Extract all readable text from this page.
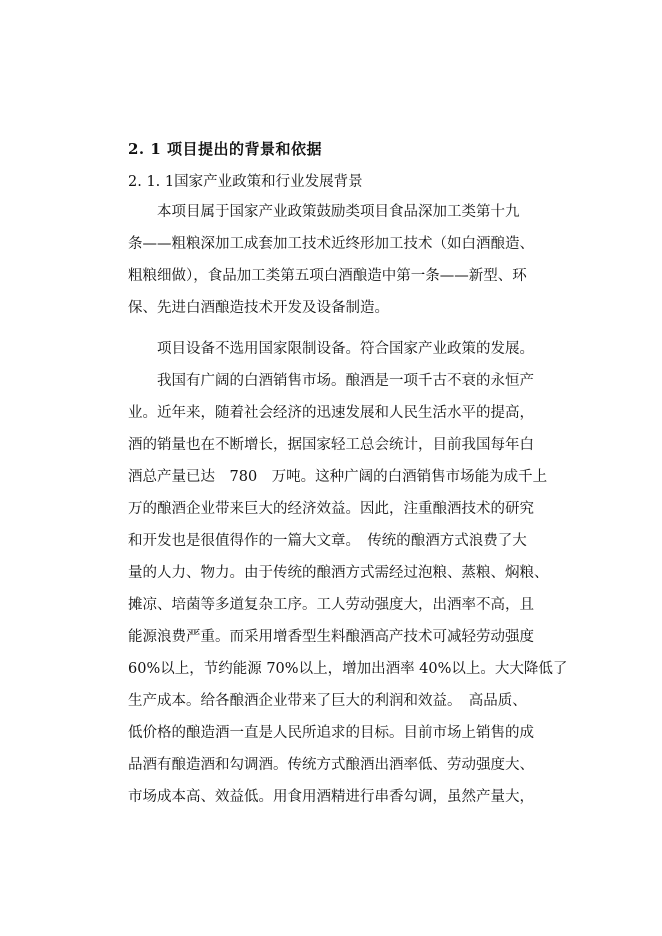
2. 1 项目提出的背景和依据
2. 1. 1国家产业政策和行业发展背景
　　本项目属于国家产业政策鼓励类项目食品深加工类第十九
条——粗粮深加工成套加工技术近终形加工技术（如白酒酿造、
粗粮细做），食品加工类第五项白酒酿造中第一条——新型、环
保、先进白酒酿造技术开发及设备制造。
　　项目设备不选用国家限制设备。符合国家产业政策的发展。
　　我国有广阔的白酒销售市场。酿酒是一项千古不衰的永恒产
业。近年来，随着社会经济的迅速发展和人民生活水平的提高，
酒的销量也在不断增长，据国家轻工总会统计，目前我国每年白
酒总产量已达　780　万吨。这种广阔的白酒销售市场能为成千上
万的酿酒企业带来巨大的经济效益。因此，注重酿酒技术的研究
和开发也是很值得作的一篇大文章。　传统的酿酒方式浪费了大
量的人力、物力。由于传统的酿酒方式需经过泡粮、蒸粮、焖粮、
摊凉、培菌等多道复杂工序。工人劳动强度大，出酒率不高，且
能源浪费严重。而采用增香型生料酿酒高产技术可减轻劳动强度
60%以上，节约能源 70%以上，增加出酒率 40%以上。大大降低了
生产成本。给各酿酒企业带来了巨大的利润和效益。　高品质、
低价格的酿造酒一直是人民所追求的目标。目前市场上销售的成
品酒有酿造酒和勾调酒。传统方式酿酒出酒率低、劳动强度大、
市场成本高、效益低。用食用酒精进行串香勾调，虽然产量大，
